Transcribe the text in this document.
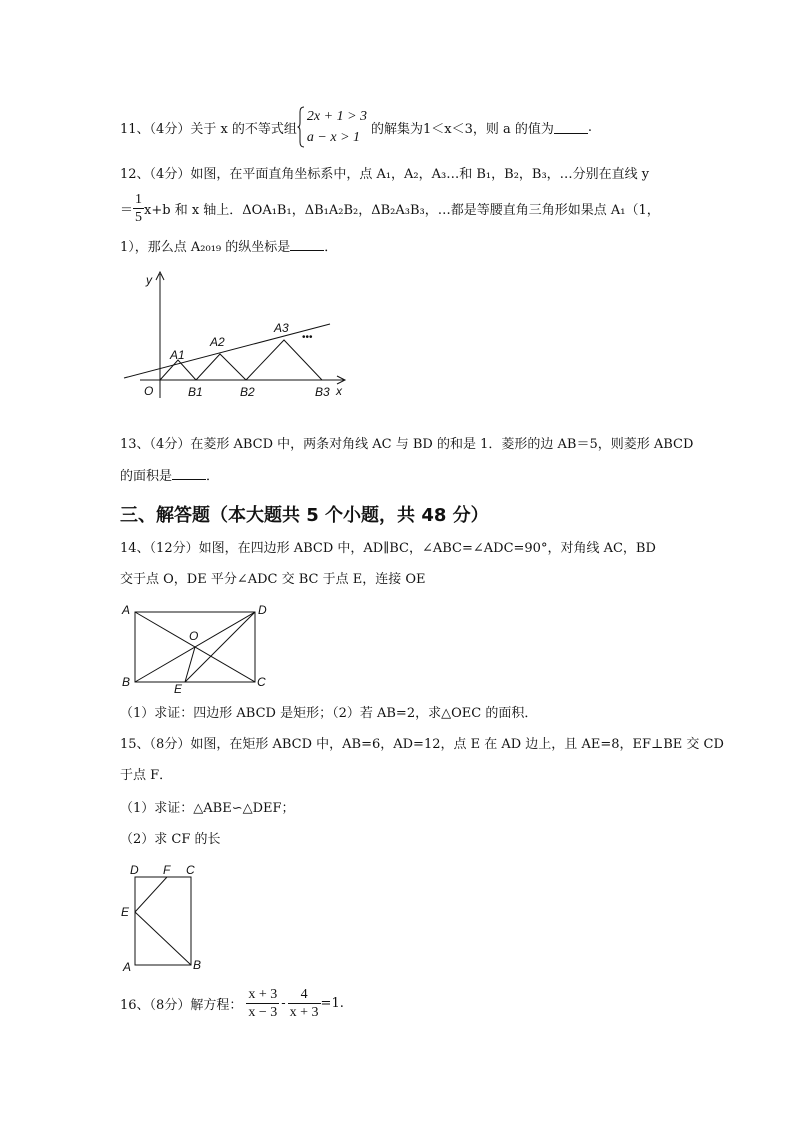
11、（4分）关于 x 的不等式组
2x + 1 > 3
a − x > 1
的解集为1＜x＜3，则 a 的值为	.
12、（4分）如图，在平面直角坐标系中，点 A₁，A₂，A₃…和 B₁，B₂，B₃，…分别在直线 y
＝ $\frac{1}{5} x+b$ 和 x 轴上．ΔOA₁B₁，ΔB₁A₂B₂，ΔB₂A₃B₃，…都是等腰直角三角形如果点 A₁（1，
1），那么点 A₂₀₁₉ 的纵坐标是	．
y
x
O
A1
A2
A3
B1	B2	B3
•••
13、（4分）在菱形 ABCD 中，两条对角线 AC 与 BD 的和是 1．菱形的边 AB＝5，则菱形 ABCD
的面积是	．
三、解答题（本大题共 5 个小题，共 48 分）
14、（12分）如图，在四边形 ABCD 中，AD∥BC，∠ABC=∠ADC=90°，对角线 AC，BD
交于点 O，DE 平分∠ADC 交 BC 于点 E，连接 OE
A	D
B	C
O
E
（1）求证：四边形 ABCD 是矩形；（2）若 AB=2，求△OEC 的面积．
15、（8分）如图，在矩形 ABCD 中，AB=6，AD=12，点 E 在 AD 边上，且 AE=8，EF⊥BE 交 CD
于点 F．
（1）求证：△ABE∽△DEF；
（2）求 CF 的长
D F C
E
A	B
16、（8分）解方程： $\frac{x + 3}{x - 3} - \frac{4}{x + 3} =1$.
